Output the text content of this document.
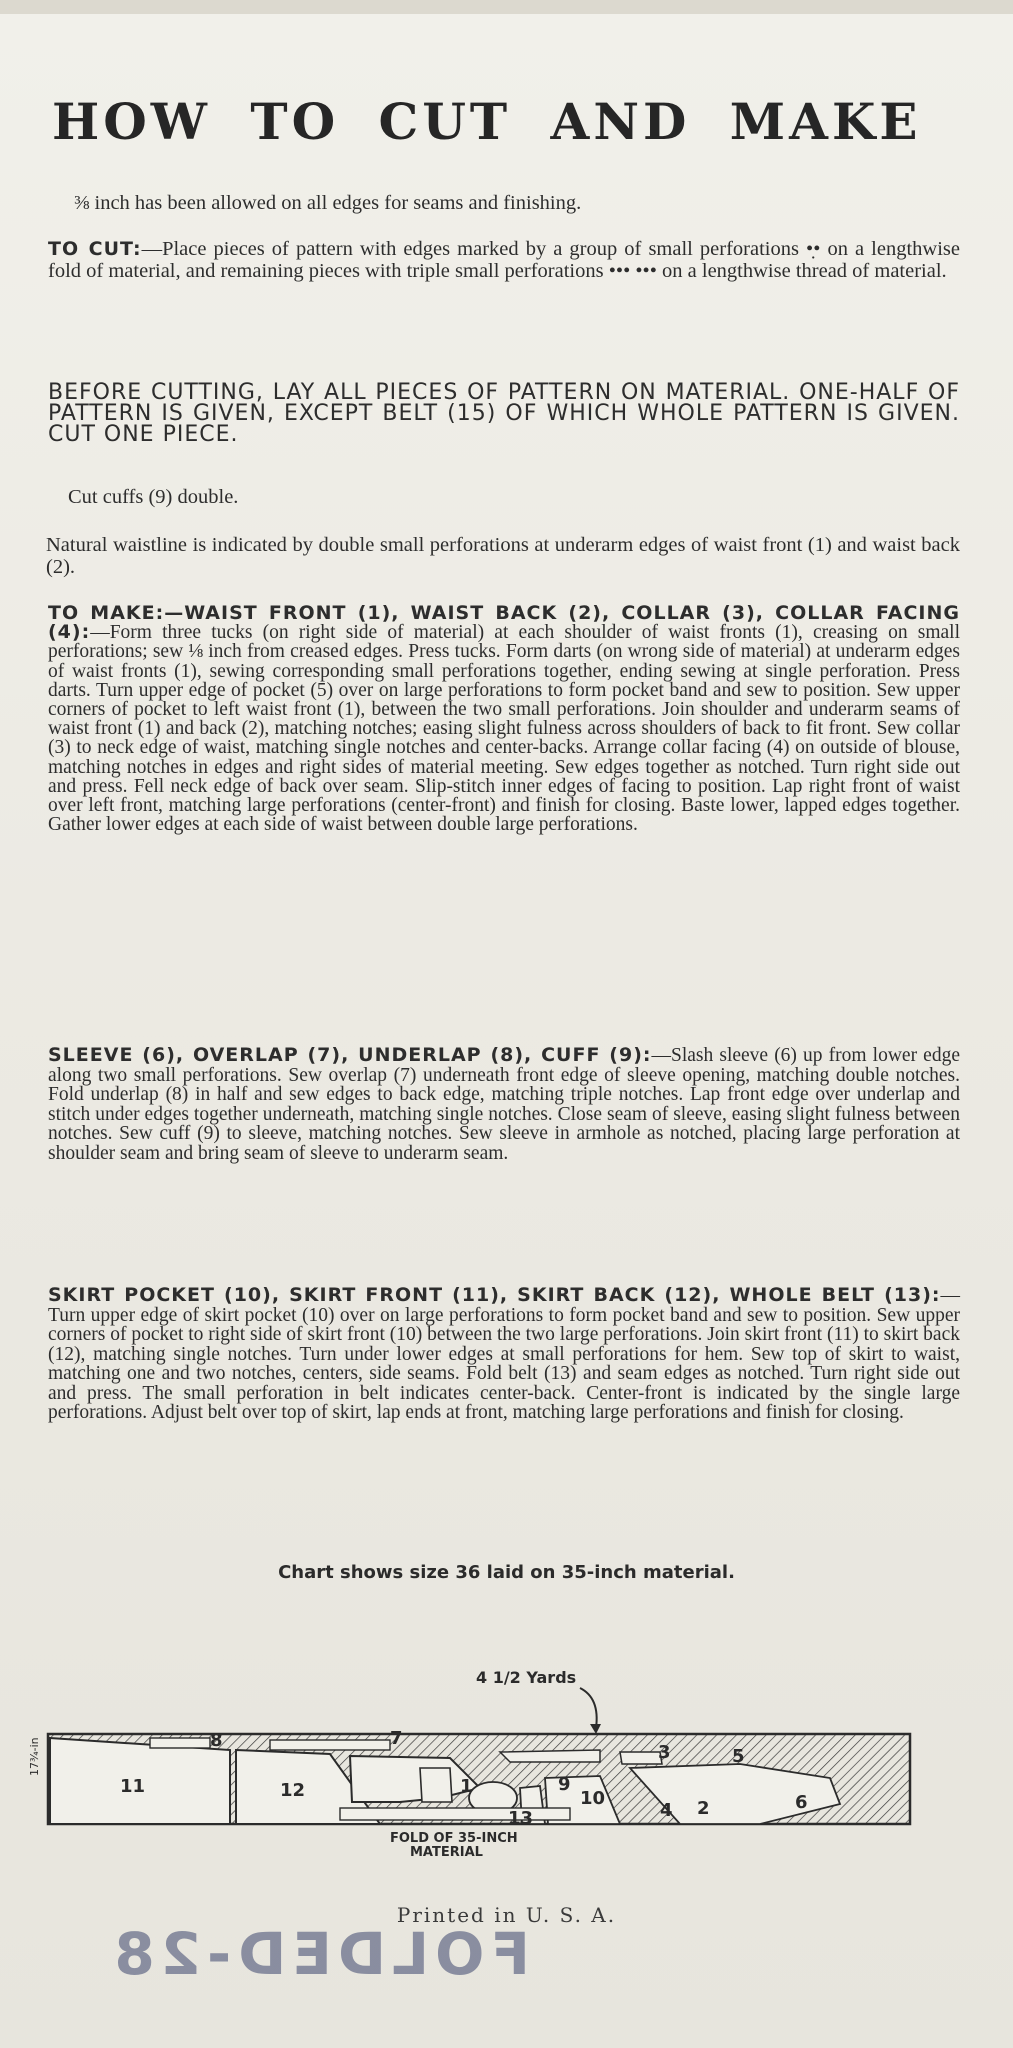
HOW TO CUT AND MAKE
⅜ inch has been allowed on all edges for seams and finishing.
TO CUT:—Place pieces of pattern with edges marked by a group of small perforations •̣• on a lengthwise fold of material, and remaining pieces with triple small perforations ••• ••• on a lengthwise thread of material.
BEFORE CUTTING, LAY ALL PIECES OF PATTERN ON MATERIAL. ONE-HALF OF PATTERN IS GIVEN, EXCEPT BELT (15) OF WHICH WHOLE PATTERN IS GIVEN. CUT ONE PIECE.
Cut cuffs (9) double.
Natural waistline is indicated by double small perforations at underarm edges of waist front (1) and waist back (2).
TO MAKE:—WAIST FRONT (1), WAIST BACK (2), COLLAR (3), COLLAR FACING (4):—Form three tucks (on right side of material) at each shoulder of waist fronts (1), creasing on small perforations; sew ⅛ inch from creased edges. Press tucks. Form darts (on wrong side of material) at underarm edges of waist fronts (1), sewing corresponding small perforations together, ending sewing at single perforation. Press darts. Turn upper edge of pocket (5) over on large perforations to form pocket band and sew to position. Sew upper corners of pocket to left waist front (1), between the two small perforations. Join shoulder and underarm seams of waist front (1) and back (2), matching notches; easing slight fulness across shoulders of back to fit front. Sew collar (3) to neck edge of waist, matching single notches and center-backs. Arrange collar facing (4) on outside of blouse, matching notches in edges and right sides of material meeting. Sew edges together as notched. Turn right side out and press. Fell neck edge of back over seam. Slip-stitch inner edges of facing to position. Lap right front of waist over left front, matching large perforations (center-front) and finish for closing. Baste lower, lapped edges together. Gather lower edges at each side of waist between double large perforations.
SLEEVE (6), OVERLAP (7), UNDERLAP (8), CUFF (9):—Slash sleeve (6) up from lower edge along two small perforations. Sew overlap (7) underneath front edge of sleeve opening, matching double notches. Fold underlap (8) in half and sew edges to back edge, matching triple notches. Lap front edge over underlap and stitch under edges together underneath, matching single notches. Close seam of sleeve, easing slight fulness between notches. Sew cuff (9) to sleeve, matching notches. Sew sleeve in armhole as notched, placing large perforation at shoulder seam and bring seam of sleeve to underarm seam.
SKIRT POCKET (10), SKIRT FRONT (11), SKIRT BACK (12), WHOLE BELT (13):—Turn upper edge of skirt pocket (10) over on large perforations to form pocket band and sew to position. Sew upper corners of pocket to right side of skirt front (10) between the two large perforations. Join skirt front (11) to skirt back (12), matching single notches. Turn under lower edges at small perforations for hem. Sew top of skirt to waist, matching one and two notches, centers, side seams. Fold belt (13) and seam edges as notched. Turn right side out and press. The small perforation in belt indicates center-back. Center-front is indicated by the single large perforations. Adjust belt over top of skirt, lap ends at front, matching large perforations and finish for closing.
Chart shows size 36 laid on 35-inch material.
4 1/2 Yards
17¾-in	8	7
3	5
11	12	1	9
10
4 2	6
13
FOLD OF 35-INCH
MATERIAL
Printed in U. S. A.
FOLDED-28
